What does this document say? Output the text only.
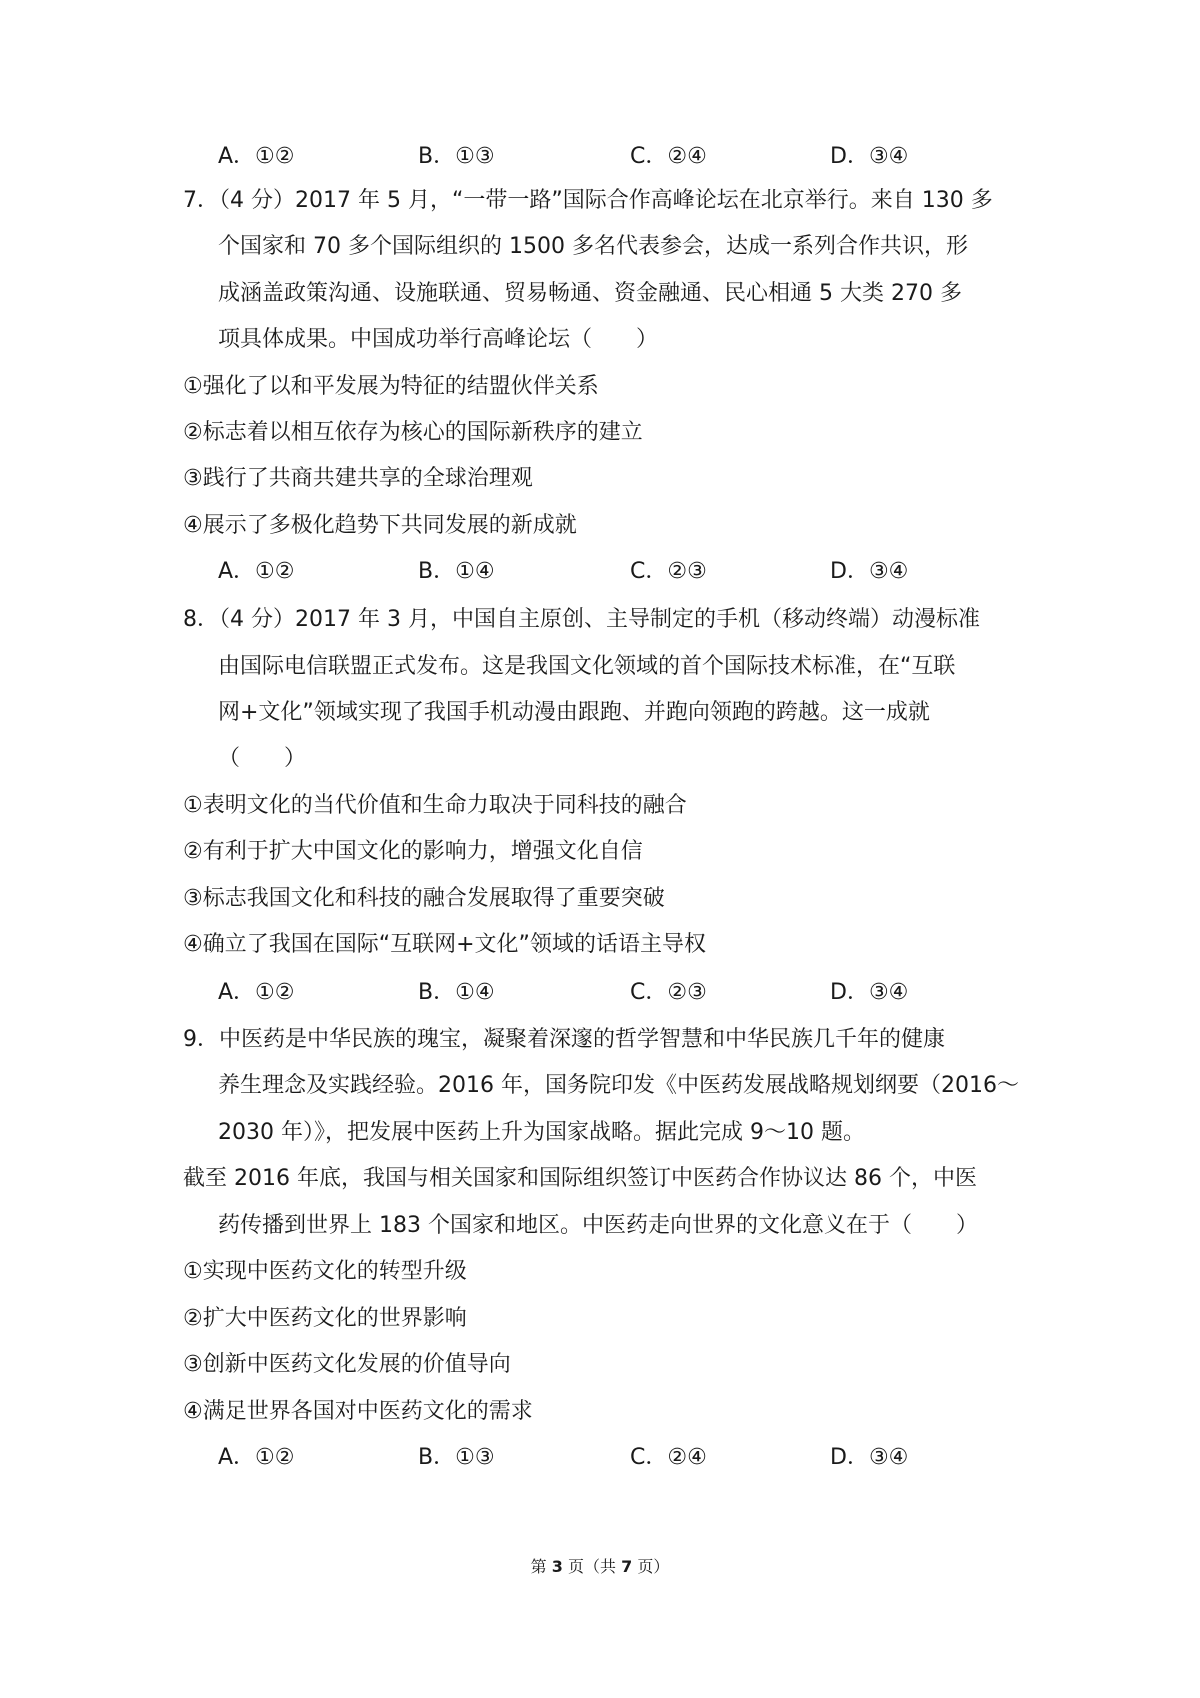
A．①②	B．①③	C．②④	D．③④
7．（4 分）2017 年 5 月，“一带一路”国际合作高峰论坛在北京举行。来自 130 多
个国家和 70 多个国际组织的 1500 多名代表参会，达成一系列合作共识，形
成涵盖政策沟通、设施联通、贸易畅通、资金融通、民心相通 5 大类 270 多
项具体成果。中国成功举行高峰论坛（　　）
①强化了以和平发展为特征的结盟伙伴关系
②标志着以相互依存为核心的国际新秩序的建立
③践行了共商共建共享的全球治理观
④展示了多极化趋势下共同发展的新成就
A．①②	B．①④	C．②③	D．③④
8．（4 分）2017 年 3 月，中国自主原创、主导制定的手机（移动终端）动漫标准
由国际电信联盟正式发布。这是我国文化领域的首个国际技术标准，在“互联
网+文化”领域实现了我国手机动漫由跟跑、并跑向领跑的跨越。这一成就
（　　）
①表明文化的当代价值和生命力取决于同科技的融合
②有利于扩大中国文化的影响力，增强文化自信
③标志我国文化和科技的融合发展取得了重要突破
④确立了我国在国际“互联网+文化”领域的话语主导权
A．①②	B．①④	C．②③	D．③④
9．中医药是中华民族的瑰宝，凝聚着深邃的哲学智慧和中华民族几千年的健康
养生理念及实践经验。2016 年，国务院印发《中医药发展战略规划纲要（2016～
2030 年）》，把发展中医药上升为国家战略。据此完成 9～10 题。
截至 2016 年底，我国与相关国家和国际组织签订中医药合作协议达 86 个，中医
药传播到世界上 183 个国家和地区。中医药走向世界的文化意义在于（　　）
①实现中医药文化的转型升级
②扩大中医药文化的世界影响
③创新中医药文化发展的价值导向
④满足世界各国对中医药文化的需求
A．①②	B．①③	C．②④	D．③④
第 3 页（共 7 页）
